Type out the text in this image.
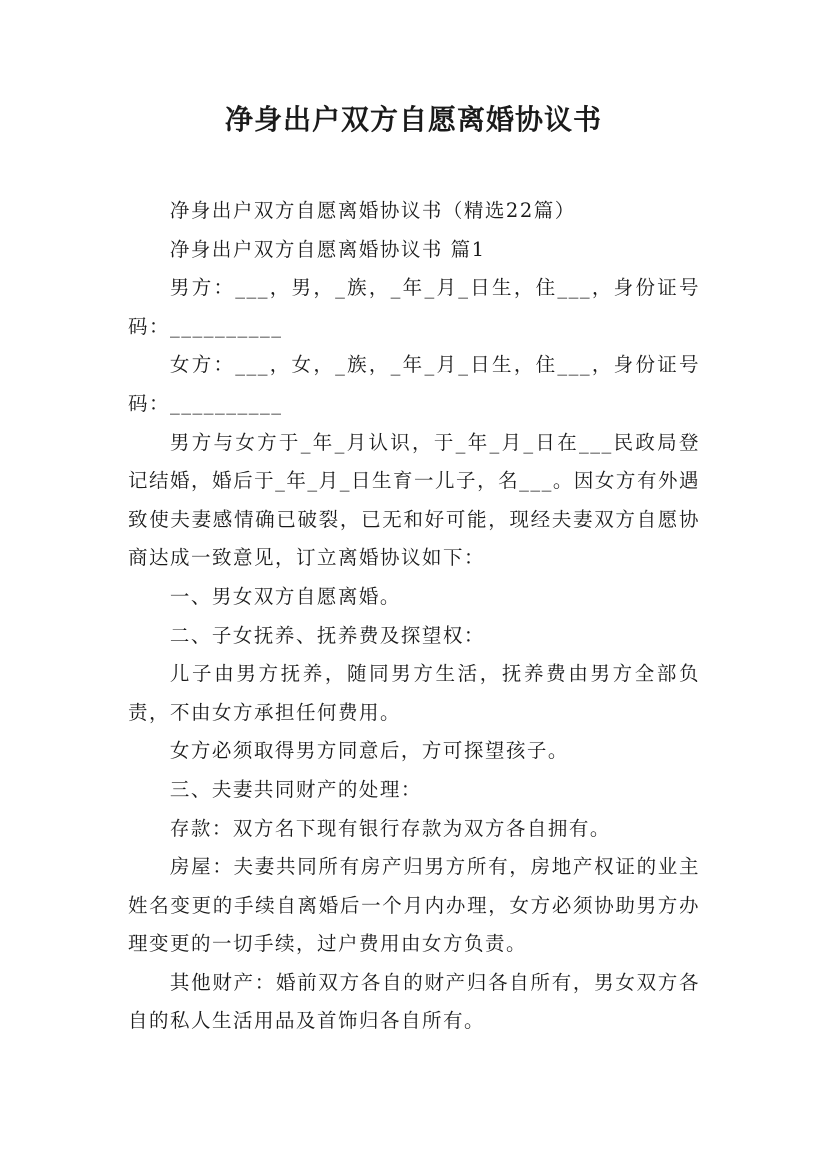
净身出户双方自愿离婚协议书

净身出户双方自愿离婚协议书（精选22篇）

净身出户双方自愿离婚协议书 篇1

男方：___，男，_族，_年_月_日生，住___，身份证号码：__________

女方：___，女，_族，_年_月_日生，住___，身份证号码：__________

男方与女方于_年_月认识，于_年_月_日在___民政局登记结婚，婚后于_年_月_日生育一儿子，名___。因女方有外遇致使夫妻感情确已破裂，已无和好可能，现经夫妻双方自愿协商达成一致意见，订立离婚协议如下：

一、男女双方自愿离婚。

二、子女抚养、抚养费及探望权：

儿子由男方抚养，随同男方生活，抚养费由男方全部负责，不由女方承担任何费用。

女方必须取得男方同意后，方可探望孩子。

三、夫妻共同财产的处理：

存款：双方名下现有银行存款为双方各自拥有。

房屋：夫妻共同所有房产归男方所有，房地产权证的业主姓名变更的手续自离婚后一个月内办理，女方必须协助男方办理变更的一切手续，过户费用由女方负责。

其他财产：婚前双方各自的财产归各自所有，男女双方各自的私人生活用品及首饰归各自所有。
